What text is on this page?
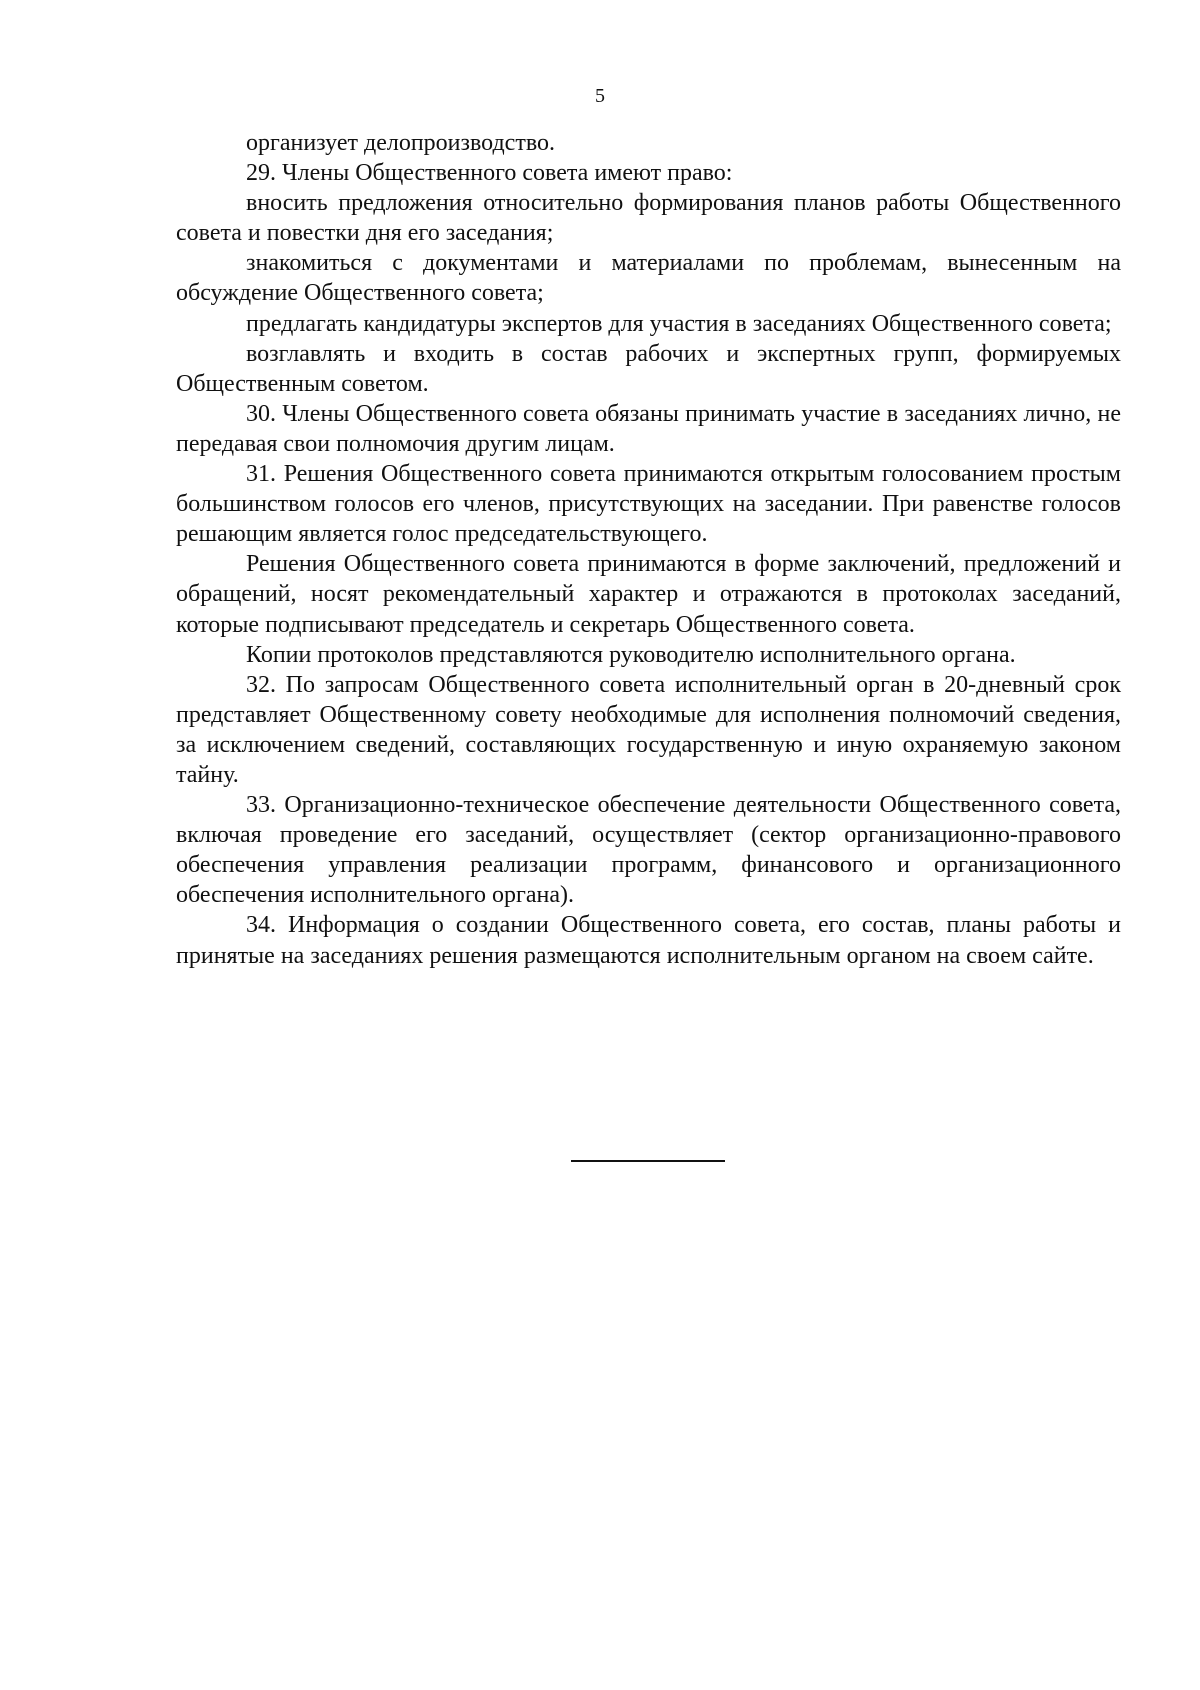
5

организует делопроизводство.

29. Члены Общественного совета имеют право:

вносить предложения относительно формирования планов работы Общественного совета и повестки дня его заседания;

знакомиться с документами и материалами по проблемам, вынесенным на обсуждение Общественного совета;

предлагать кандидатуры экспертов для участия в заседаниях Общественного совета;

возглавлять и входить в состав рабочих и экспертных групп, формируемых Общественным советом.

30. Члены Общественного совета обязаны принимать участие в заседаниях лично, не передавая свои полномочия другим лицам.

31. Решения Общественного совета принимаются открытым голосованием простым большинством голосов его членов, присутствующих на заседании. При равенстве голосов решающим является голос председательствующего.

Решения Общественного совета принимаются в форме заключений, предложений и обращений, носят рекомендательный характер и отражаются в протоколах заседаний, которые подписывают председатель и секретарь Общественного совета.

Копии протоколов представляются руководителю исполнительного органа.

32. По запросам Общественного совета исполнительный орган в 20-дневный срок представляет Общественному совету необходимые для исполнения полномочий сведения, за исключением сведений, составляющих государственную и иную охраняемую законом тайну.

33. Организационно-техническое обеспечение деятельности Общественного совета, включая проведение его заседаний, осуществляет (сектор организационно-правового обеспечения управления реализации программ, финансового и организационного обеспечения исполнительного органа).

34. Информация о создании Общественного совета, его состав, планы работы и принятые на заседаниях решения размещаются исполнительным органом на своем сайте.
